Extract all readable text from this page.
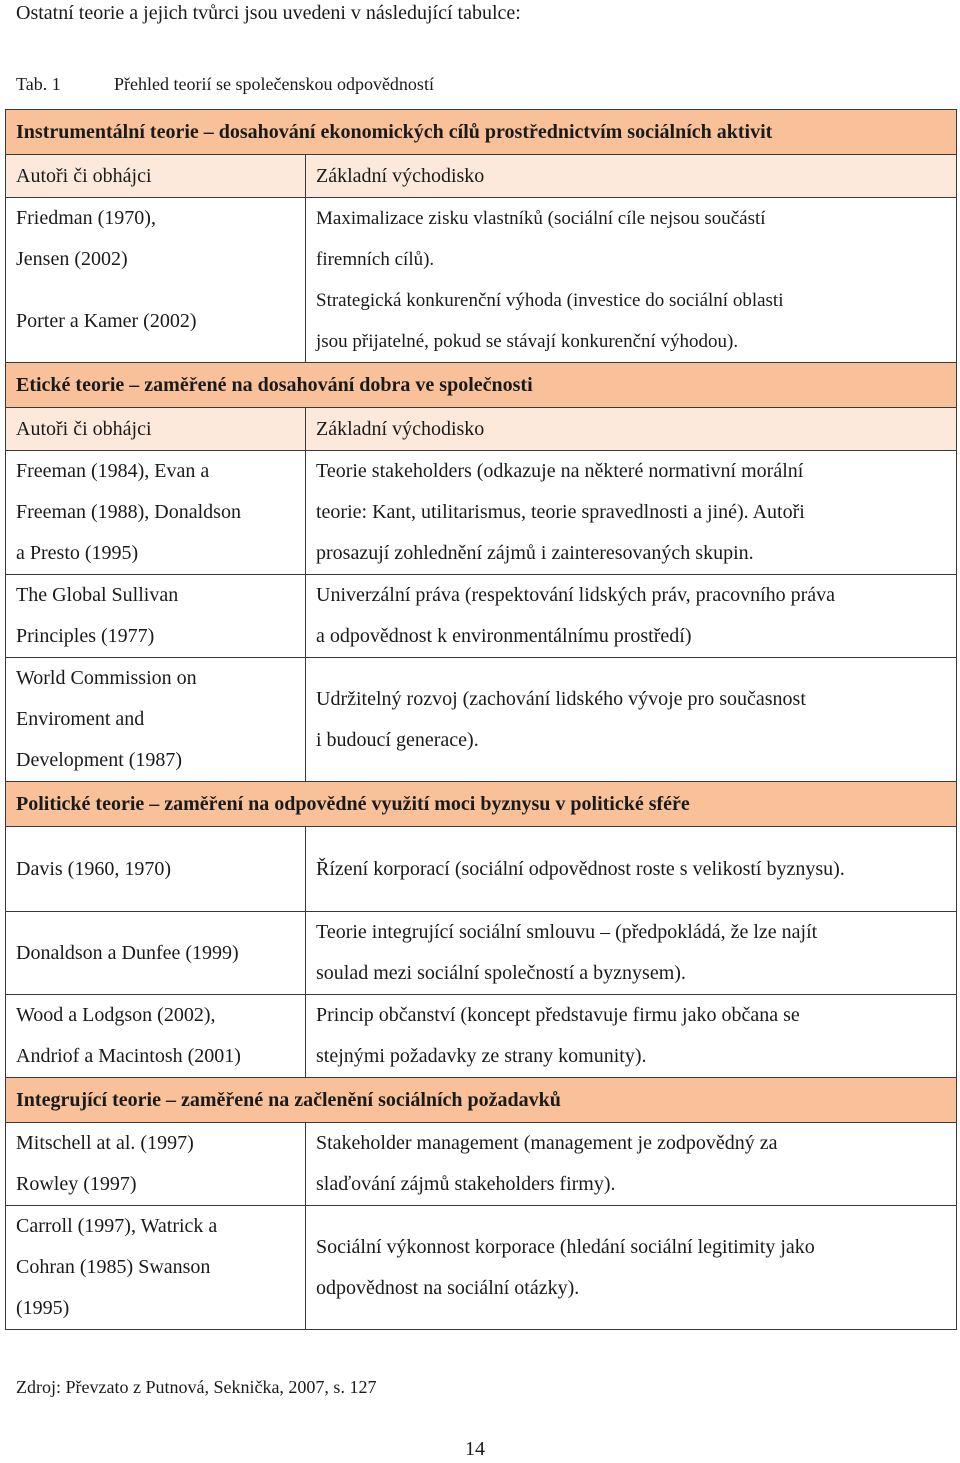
Ostatní teorie a jejich tvůrci jsou uvedeni v následující tabulce:
Tab. 1	Přehled teorií se společenskou odpovědností
Instrumentální teorie – dosahování ekonomických cílů prostřednictvím sociálních aktivit	
Autoři či obhájci	Základní východisko

Friedman (1970),
Jensen (2002)	Maximalizace zisku vlastníků (sociální cíle nejsou součástí
firemních cílů).

Porter a Kamer (2002)	Strategická konkurenční výhoda (investice do sociální oblasti
jsou přijatelné, pokud se stávají konkurenční výhodou).

Etické teorie – zaměřené na dosahování dobra ve společnosti	
Autoři či obhájci	Základní východisko

Freeman (1984), Evan a
Freeman (1988), Donaldson
a Presto (1995)	Teorie stakeholders (odkazuje na některé normativní morální
teorie: Kant, utilitarismus, teorie spravedlnosti a jiné). Autoři
prosazují zohlednění zájmů i zainteresovaných skupin.

The Global Sullivan
Principles (1977)	Univerzální práva (respektování lidských práv, pracovního práva
a odpovědnost k environmentálnímu prostředí)

World Commission on
Enviroment and
Development (1987)	Udržitelný rozvoj (zachování lidského vývoje pro současnost
i budoucí generace).

Politické teorie – zaměření na odpovědné využití moci byznysu v politické sféře	

Davis (1960, 1970)	Řízení korporací (sociální odpovědnost roste s velikostí byznysu).

Donaldson a Dunfee (1999)	Teorie integrující sociální smlouvu – (předpokládá, že lze najít
soulad mezi sociální společností a byznysem).

Wood a Lodgson (2002),
Andriof a Macintosh (2001)	Princip občanství (koncept představuje firmu jako občana se
stejnými požadavky ze strany komunity).

Integrující teorie – zaměřené na začlenění sociálních požadavků	

Mitschell at al. (1997)
Rowley (1997)	Stakeholder management (management je zodpovědný za
slaďování zájmů stakeholders firmy).

Carroll (1997), Watrick a
Cohran (1985) Swanson
(1995)	Sociální výkonnost korporace (hledání sociální legitimity jako
odpovědnost na sociální otázky).
Zdroj: Převzato z Putnová, Seknička, 2007, s. 127
14
